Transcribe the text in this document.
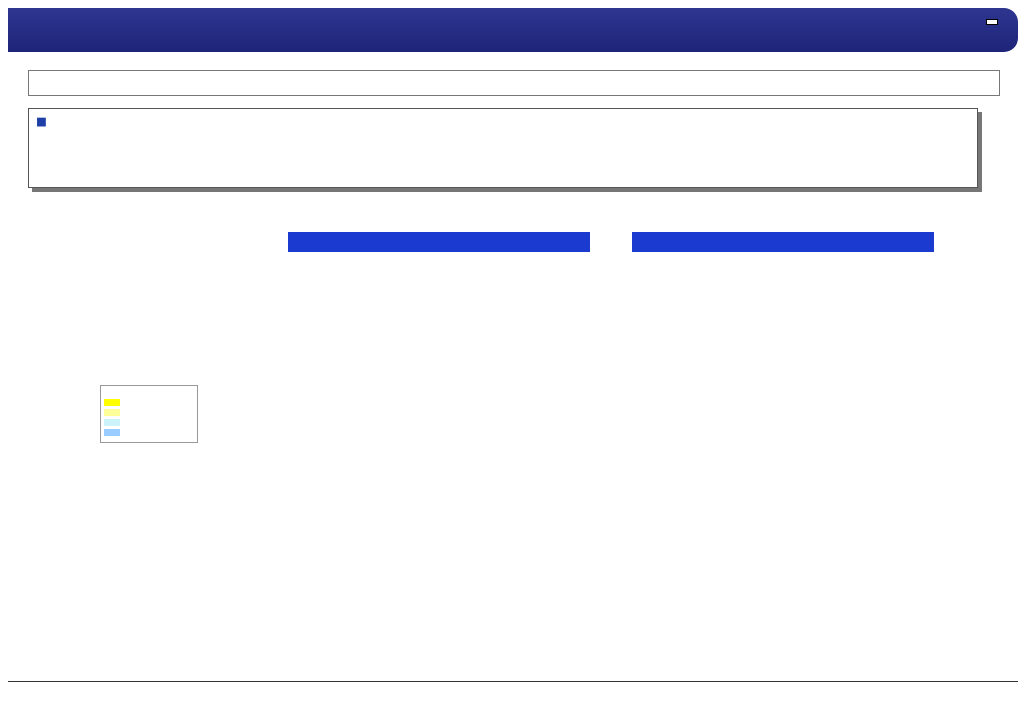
■
